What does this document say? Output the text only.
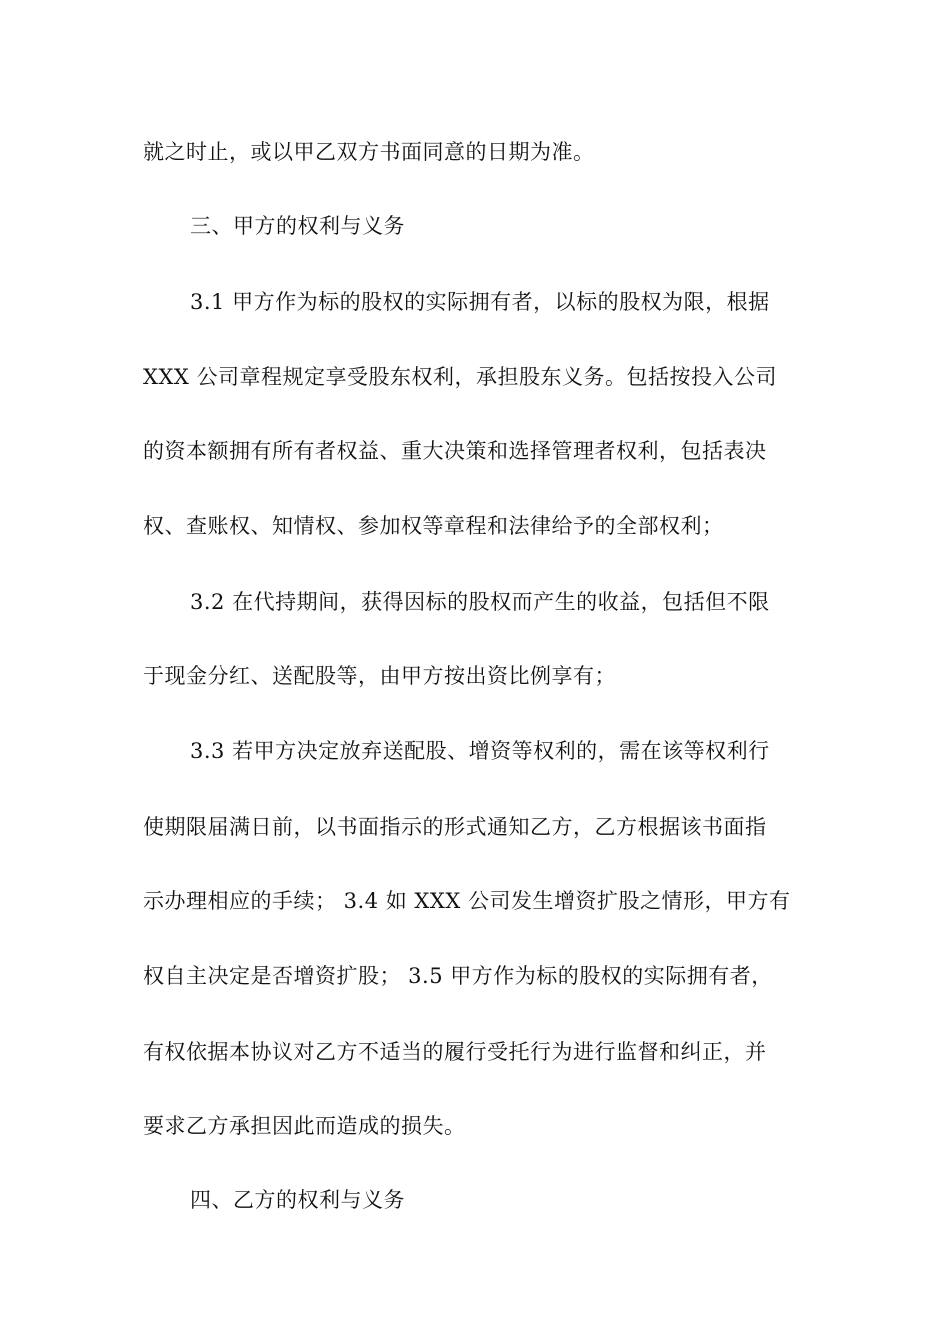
就之时止，或以甲乙双方书面同意的日期为准。
三、甲方的权利与义务
3.1 甲方作为标的股权的实际拥有者，以标的股权为限，根据
XXX 公司章程规定享受股东权利，承担股东义务。包括按投入公司
的资本额拥有所有者权益、重大决策和选择管理者权利，包括表决
权、查账权、知情权、参加权等章程和法律给予的全部权利；
3.2 在代持期间，获得因标的股权而产生的收益，包括但不限
于现金分红、送配股等，由甲方按出资比例享有；
3.3 若甲方决定放弃送配股、增资等权利的，需在该等权利行
使期限届满日前，以书面指示的形式通知乙方，乙方根据该书面指
示办理相应的手续； 3.4 如 XXX 公司发生增资扩股之情形，甲方有
权自主决定是否增资扩股； 3.5 甲方作为标的股权的实际拥有者，
有权依据本协议对乙方不适当的履行受托行为进行监督和纠正，并
要求乙方承担因此而造成的损失。
四、乙方的权利与义务
